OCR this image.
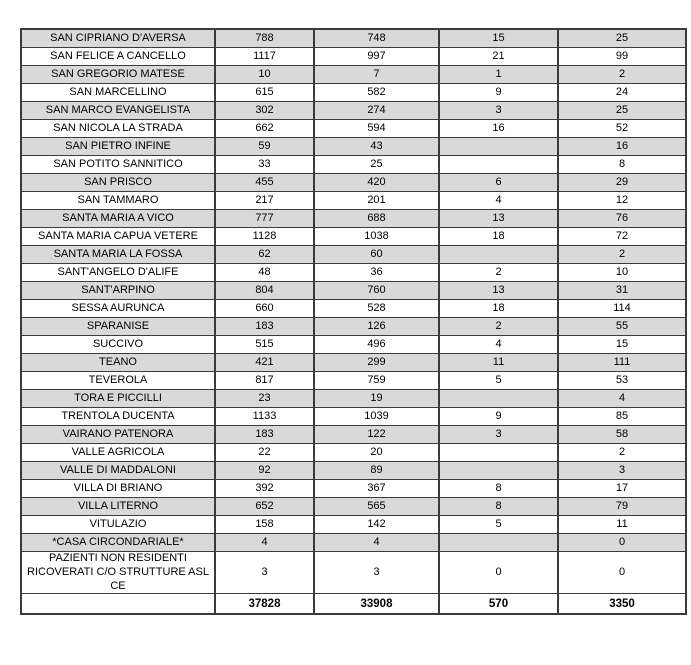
SAN CIPRIANO D'AVERSA	788	748	15	25
SAN FELICE A CANCELLO	1117	997	21	99
SAN GREGORIO MATESE	10	7	1	2
SAN MARCELLINO	615	582	9	24
SAN MARCO EVANGELISTA	302	274	3	25
SAN NICOLA LA STRADA	662	594	16	52
SAN PIETRO INFINE	59	43		16
SAN POTITO SANNITICO	33	25		8
SAN PRISCO	455	420	6	29
SAN TAMMARO	217	201	4	12
SANTA MARIA A VICO	777	688	13	76
SANTA MARIA CAPUA VETERE	1128	1038	18	72
SANTA MARIA LA FOSSA	62	60		2
SANT'ANGELO D'ALIFE	48	36	2	10
SANT'ARPINO	804	760	13	31
SESSA AURUNCA	660	528	18	114
SPARANISE	183	126	2	55
SUCCIVO	515	496	4	15
TEANO	421	299	11	111
TEVEROLA	817	759	5	53
TORA E PICCILLI	23	19		4
TRENTOLA DUCENTA	1133	1039	9	85
VAIRANO PATENORA	183	122	3	58
VALLE AGRICOLA	22	20		2
VALLE DI MADDALONI	92	89		3
VILLA DI BRIANO	392	367	8	17
VILLA LITERNO	652	565	8	79
VITULAZIO	158	142	5	11
*CASA CIRCONDARIALE*	4	4		0
PAZIENTI NON RESIDENTI RICOVERATI C/O STRUTTURE ASL CE	3	3	0	0
	37828	33908	570	3350
